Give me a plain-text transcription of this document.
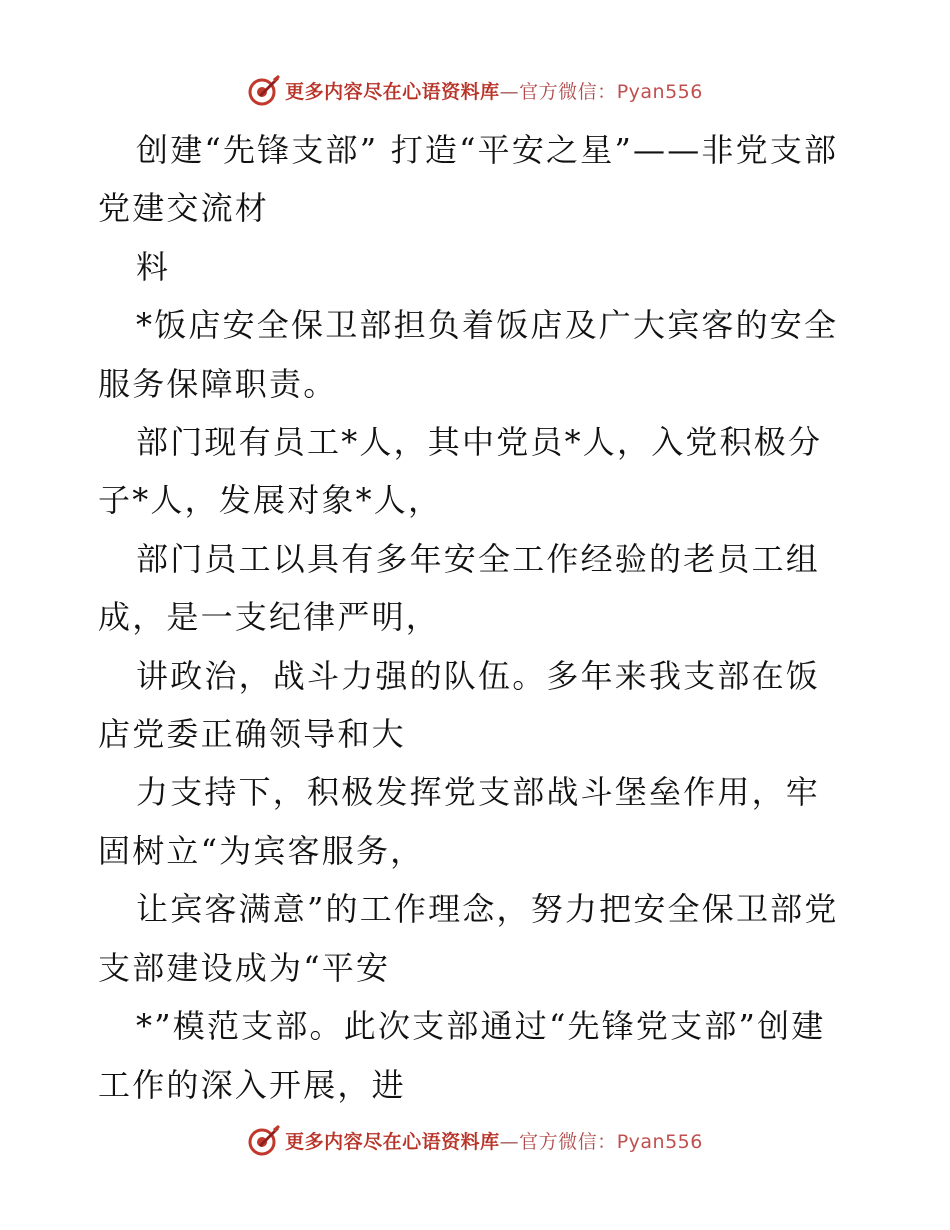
更多内容尽在心语资料库—官方微信：Pyan556

创建“先锋支部” 打造“平安之星”——非党支部党建交流材

料

*饭店安全保卫部担负着饭店及广大宾客的安全服务保障职责。

部门现有员工*人，其中党员*人，入党积极分子*人，发展对象*人，

部门员工以具有多年安全工作经验的老员工组成，是一支纪律严明，

讲政治，战斗力强的队伍。多年来我支部在饭店党委正确领导和大

力支持下，积极发挥党支部战斗堡垒作用，牢固树立“为宾客服务，

让宾客满意”的工作理念，努力把安全保卫部党支部建设成为“平安

*”模范支部。此次支部通过“先锋党支部”创建工作的深入开展，进

更多内容尽在心语资料库—官方微信：Pyan556
